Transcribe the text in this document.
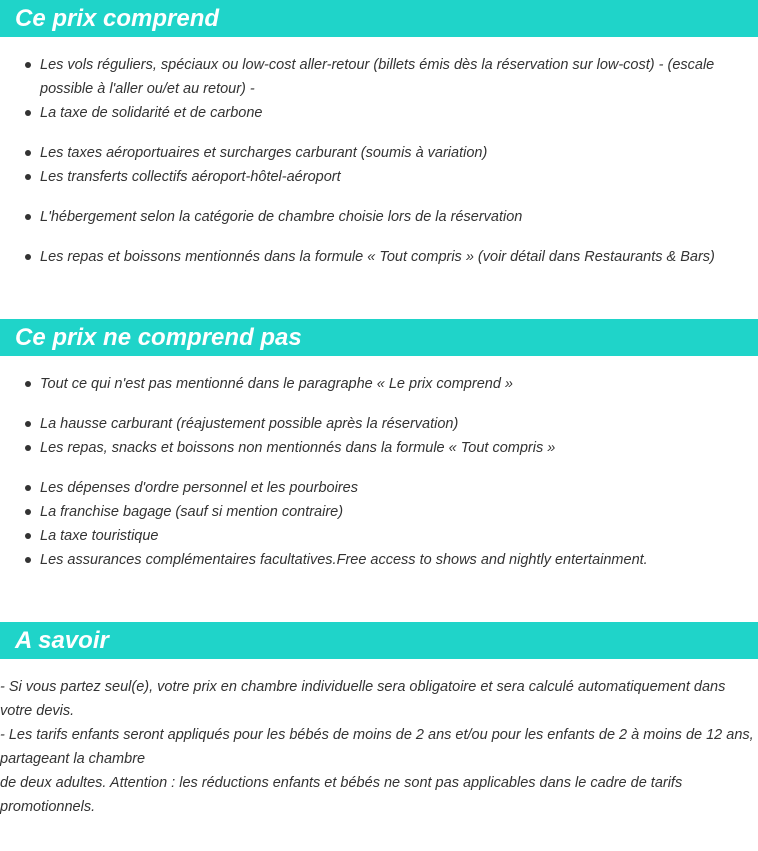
Ce prix comprend
Les vols réguliers, spéciaux ou low-cost aller-retour (billets émis dès la réservation sur low-cost) - (escale possible à l'aller ou/et au retour) -
La taxe de solidarité et de carbone
Les taxes aéroportuaires et surcharges carburant (soumis à variation)
Les transferts collectifs aéroport-hôtel-aéroport
L'hébergement selon la catégorie de chambre choisie lors de la réservation
Les repas et boissons mentionnés dans la formule « Tout compris » (voir détail dans Restaurants & Bars)
Ce prix ne comprend pas
Tout ce qui n'est pas mentionné dans le paragraphe « Le prix comprend »
La hausse carburant (réajustement possible après la réservation)
Les repas, snacks et boissons non mentionnés dans la formule « Tout compris »
Les dépenses d'ordre personnel et les pourboires
La franchise bagage (sauf si mention contraire)
La taxe touristique
Les assurances complémentaires facultatives.Free access to shows and nightly entertainment.
A savoir

- Si vous partez seul(e), votre prix en chambre individuelle sera obligatoire et sera calculé automatiquement dans votre devis.

- Les tarifs enfants seront appliqués pour les bébés de moins de 2 ans et/ou pour les enfants de 2 à moins de 12 ans, partageant la chambre

de deux adultes. Attention : les réductions enfants et bébés ne sont pas applicables dans le cadre de tarifs promotionnels.
